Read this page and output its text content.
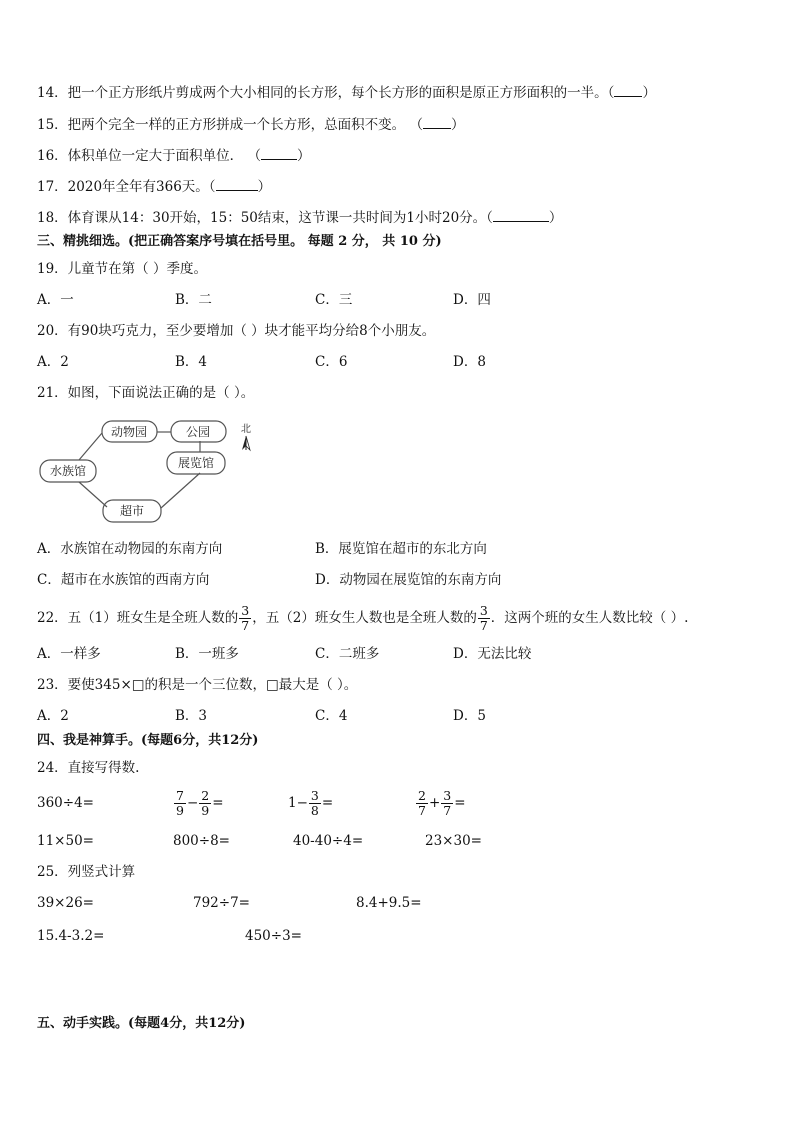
14．把一个正方形纸片剪成两个大小相同的长方形，每个长方形的面积是原正方形面积的一半。（ ）
15．把两个完全一样的正方形拼成一个长方形，总面积不变。 （ ）
16．体积单位一定大于面积单位． （	）
17．2020年全年有366天。（	）
18．体育课从14：30开始，15：50结束，这节课一共时间为1小时20分。（	）
三、精挑细选。(把正确答案序号填在括号里。 每题 2 分， 共 10 分)
19．儿童节在第（ ）季度。
A．一	B．二	C．三	D．四
20．有90块巧克力，至少要增加（ ）块才能平均分给8个小朋友。
A．2	B．4	C．6	D．8
21．如图，下面说法正确的是（ ）。
动物园	公园
水族馆
展览馆
超市
北
A．水族馆在动物园的东南方向	B．展览馆在超市的东北方向
C．超市在水族馆的西南方向	D．动物园在展览馆的东南方向
22．五（1）班女生是全班人数的 $\frac{3}{7}$ ，五（2）班女生人数也是全班人数的 $\frac{3}{7}$ ．这两个班的女生人数比较（ ）.
A．一样多	B．一班多	C．二班多	D．无法比较
23．要使345×□的积是一个三位数，□最大是（ ）。
A．2	B．3	C．4	D．5
四、我是神算手。(每题6分，共12分)
24．直接写得数.
360÷4=	$\frac{7}{9} - \frac{2}{9}$ =	$1- \frac{3}{8}$ =	$\frac{2}{7} + \frac{3}{7}$ =
11×50=	800÷8=	40-40÷4=	23×30=
25．列竖式计算
39×26=	792÷7=	8.4+9.5=
15.4-3.2=	450÷3=
五、动手实践。(每题4分，共12分)
